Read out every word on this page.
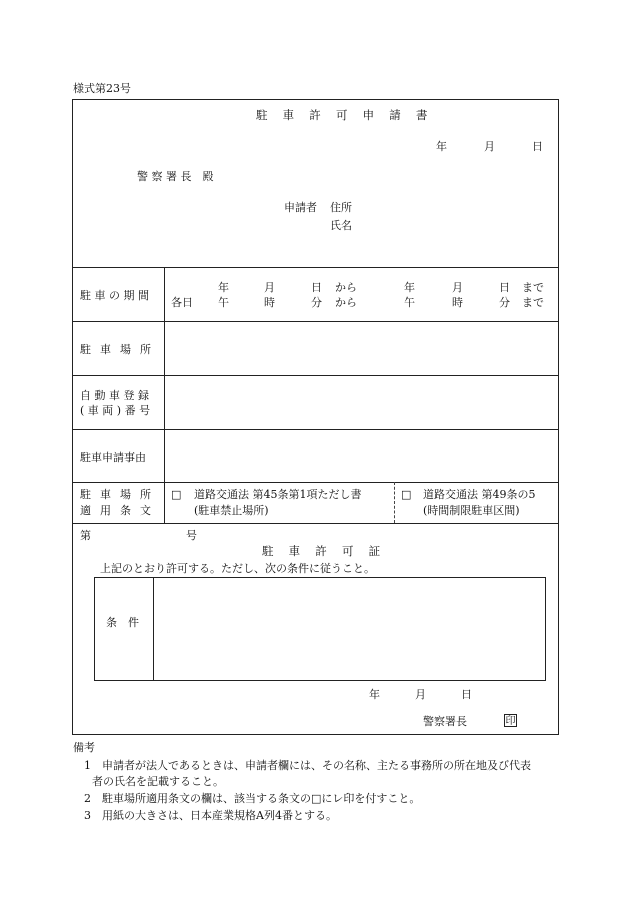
様式第23号
駐 車 許 可 申 請 書
年	月	日
警 察 署 長　殿
申請者 住所
氏名
駐 車 の 期 間
年	月	日 から	年	月	日 まで
各日 午	時	分 から	午	時	分 まで
駐 車 場 所
自 動 車 登 録
( 車 両 ) 番 号
駐車申請事由
駐 車 場 所
適 用 条 文
□ 道路交通法 第45条第1項ただし書
(駐車禁止場所)
□ 道路交通法 第49条の5
(時間制限駐車区間)
第	号
駐 車 許 可 証
上記のとおり許可する。ただし、次の条件に従うこと。
条　件
年	月	日
警察署長	印
備考
1 申請者が法人であるときは、申請者欄には、その名称、主たる事務所の所在地及び代表
者の氏名を記載すること。
2 駐車場所適用条文の欄は、該当する条文の□にレ印を付すこと。
3 用紙の大きさは、日本産業規格A列4番とする。
